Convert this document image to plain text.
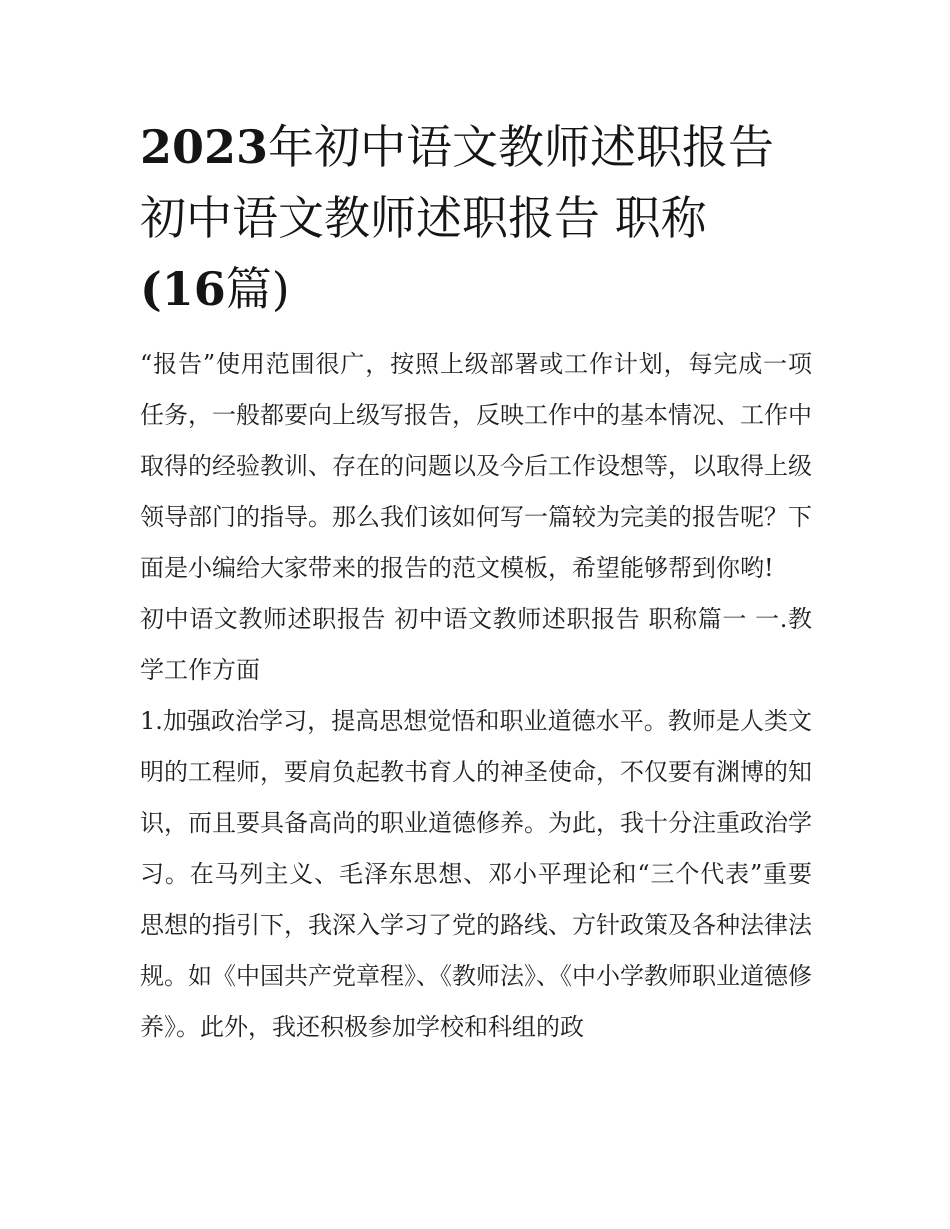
2023年初中语文教师述职报告 初中语文教师述职报告 职称
(16篇)

“报告”使用范围很广，按照上级部署或工作计划，每完成一项任务，一般都要向上级写报告，反映工作中的基本情况、工作中取得的经验教训、存在的问题以及今后工作设想等，以取得上级领导部门的指导。那么我们该如何写一篇较为完美的报告呢？下面是小编给大家带来的报告的范文模板，希望能够帮到你哟!

初中语文教师述职报告 初中语文教师述职报告 职称篇一 一.教学工作方面

1.加强政治学习，提高思想觉悟和职业道德水平。教师是人类文明的工程师，要肩负起教书育人的神圣使命，不仅要有渊博的知识，而且要具备高尚的职业道德修养。为此，我十分注重政治学习。在马列主义、毛泽东思想、邓小平理论和“三个代表”重要思想的指引下，我深入学习了党的路线、方针政策及各种法律法规。如《中国共产党章程》、《教师法》、《中小学教师职业道德修养》。此外，我还积极参加学校和科组的政
